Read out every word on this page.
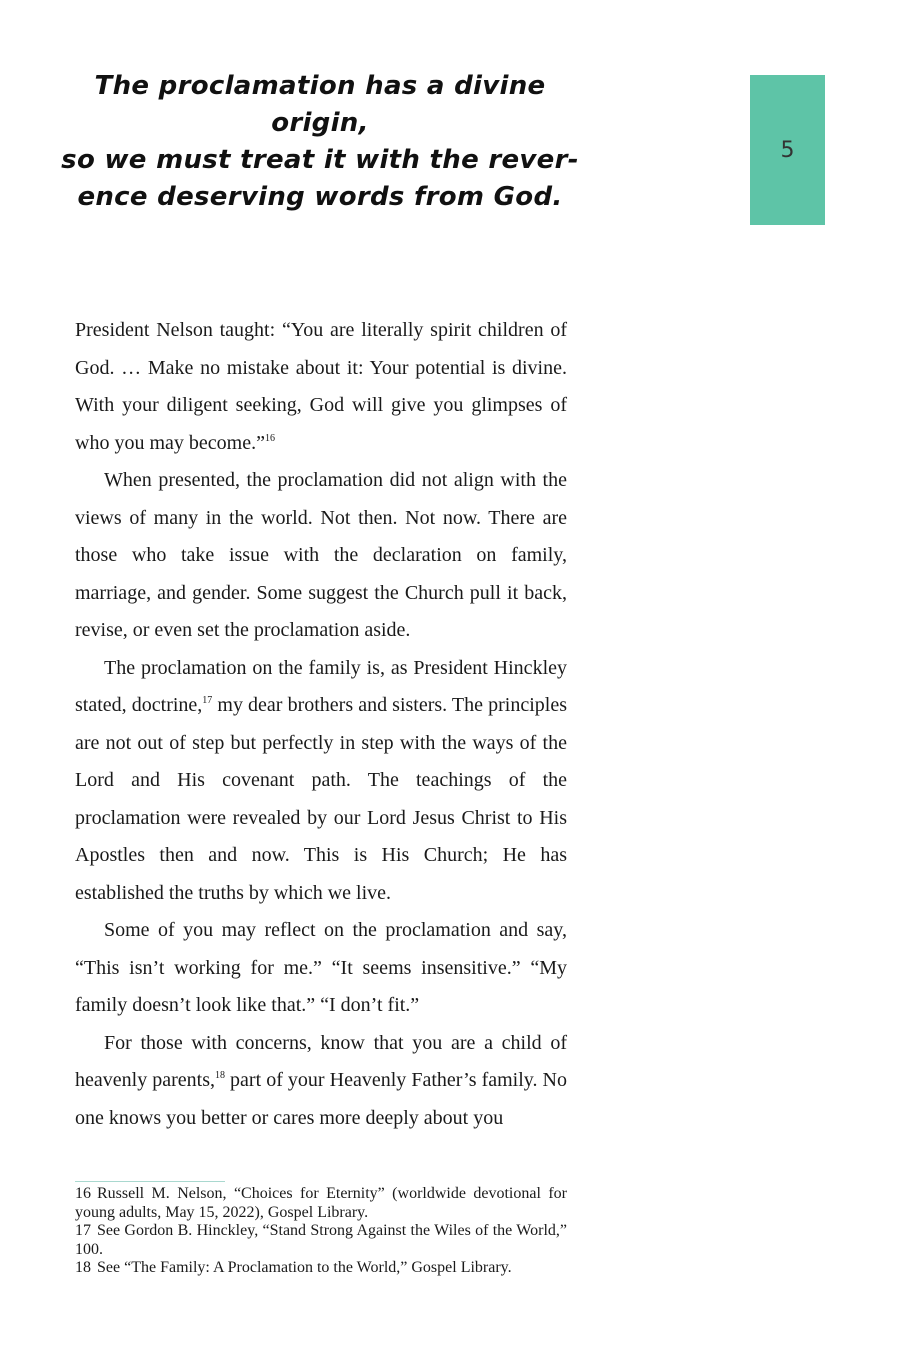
The proclamation has a divine origin,
so we must treat it with the rever-
ence deserving words from God.
5

President Nelson taught: “You are literally spirit children of God. … Make no mistake about it: Your potential is divine. With your diligent seeking, God will give you glimpses of who you may become.”$^{16}$

When presented, the proclamation did not align with the views of many in the world. Not then. Not now. There are those who take issue with the declaration on family, marriage, and gender. Some suggest the Church pull it back, revise, or even set the proclamation aside.

The proclamation on the family is, as President Hinckley stated, doctrine,$^{17}$ my dear brothers and sisters. The principles are not out of step but perfectly in step with the ways of the Lord and His covenant path. The teachings of the proclamation were revealed by our Lord Jesus Christ to His Apostles then and now. This is His Church; He has established the truths by which we live.

Some of you may reflect on the proclamation and say, “This isn’t working for me.” “It seems insensitive.” “My family doesn’t look like that.” “I don’t fit.”

For those with concerns, know that you are a child of heavenly parents,$^{18}$ part of your Heavenly Father’s family. No one knows you better or cares more deeply about you

16 Russell M. Nelson, “Choices for Eternity” (worldwide devotional for young adults, May 15, 2022), Gospel Library.

17 See Gordon B. Hinckley, “Stand Strong Against the Wiles of the World,” 100.

18 See “The Family: A Proclamation to the World,” Gospel Library.
